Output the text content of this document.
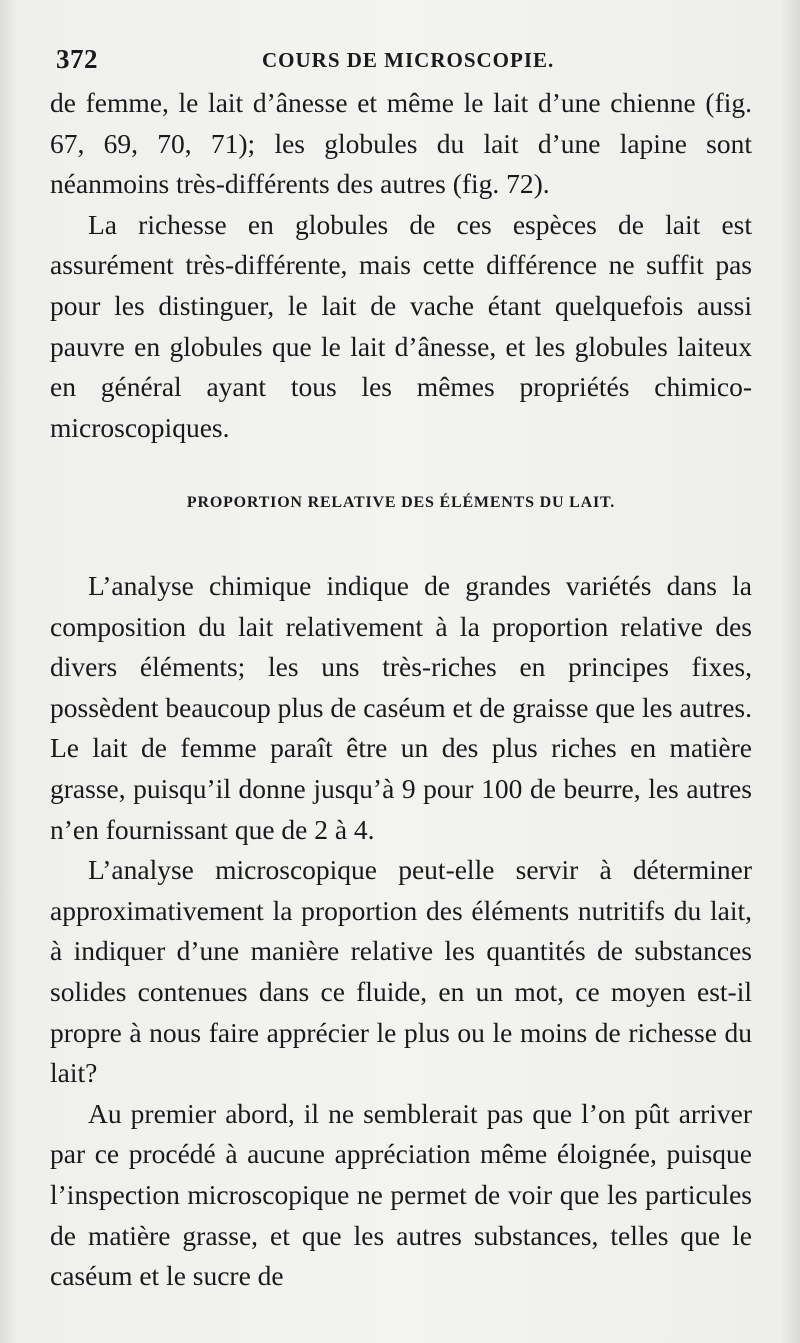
372	COURS DE MICROSCOPIE.

de femme, le lait d’ânesse et même le lait d’une chienne (fig. 67, 69, 70, 71); les globules du lait d’une lapine sont néanmoins très-différents des autres (fig. 72).

La richesse en globules de ces espèces de lait est assurément très-différente, mais cette différence ne suffit pas pour les distinguer, le lait de vache étant quelquefois aussi pauvre en globules que le lait d’ânesse, et les globules laiteux en général ayant tous les mêmes propriétés chimico-microscopiques.

PROPORTION RELATIVE DES ÉLÉMENTS DU LAIT.

L’analyse chimique indique de grandes variétés dans la composition du lait relativement à la proportion relative des divers éléments; les uns très-riches en principes fixes, possèdent beaucoup plus de caséum et de graisse que les autres. Le lait de femme paraît être un des plus riches en matière grasse, puisqu’il donne jusqu’à 9 pour 100 de beurre, les autres n’en fournissant que de 2 à 4.

L’analyse microscopique peut-elle servir à déterminer approximativement la proportion des éléments nutritifs du lait, à indiquer d’une manière relative les quantités de substances solides contenues dans ce fluide, en un mot, ce moyen est-il propre à nous faire apprécier le plus ou le moins de richesse du lait?

Au premier abord, il ne semblerait pas que l’on pût arriver par ce procédé à aucune appréciation même éloignée, puisque l’inspection microscopique ne permet de voir que les particules de matière grasse, et que les autres substances, telles que le caséum et le sucre de
